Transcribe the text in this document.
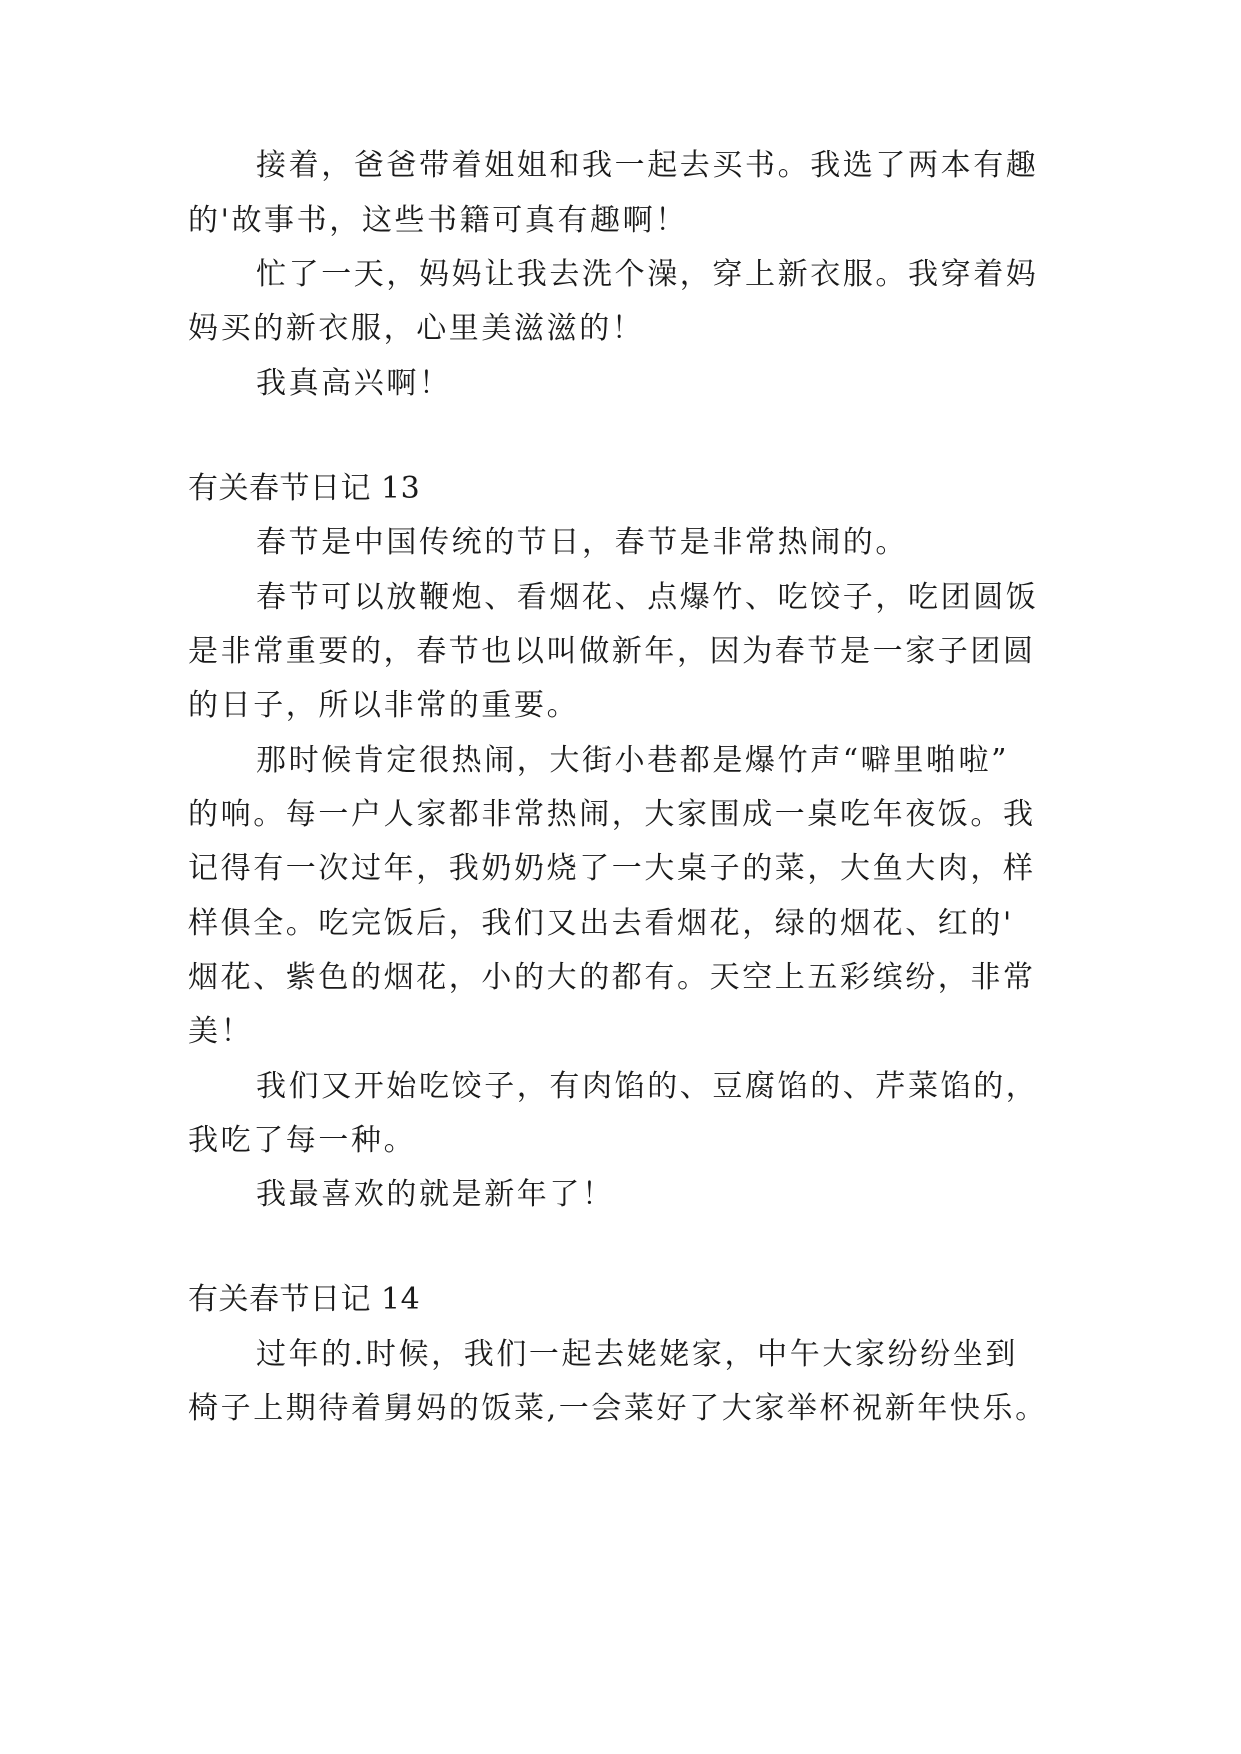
接着，爸爸带着姐姐和我一起去买书。我选了两本有趣

的'故事书，这些书籍可真有趣啊！

忙了一天，妈妈让我去洗个澡，穿上新衣服。我穿着妈

妈买的新衣服，心里美滋滋的！

我真高兴啊！

有关春节日记 13

春节是中国传统的节日，春节是非常热闹的。

春节可以放鞭炮、看烟花、点爆竹、吃饺子，吃团圆饭

是非常重要的，春节也以叫做新年，因为春节是一家子团圆

的日子，所以非常的重要。

那时候肯定很热闹，大街小巷都是爆竹声“噼里啪啦”

的响。每一户人家都非常热闹，大家围成一桌吃年夜饭。我

记得有一次过年，我奶奶烧了一大桌子的菜，大鱼大肉，样

样俱全。吃完饭后，我们又出去看烟花，绿的烟花、红的'

烟花、紫色的烟花，小的大的都有。天空上五彩缤纷，非常

美！

我们又开始吃饺子，有肉馅的、豆腐馅的、芹菜馅的，

我吃了每一种。

我最喜欢的就是新年了！

有关春节日记 14

过年的.时候，我们一起去姥姥家，中午大家纷纷坐到

椅子上期待着舅妈的饭菜,一会菜好了大家举杯祝新年快乐。
